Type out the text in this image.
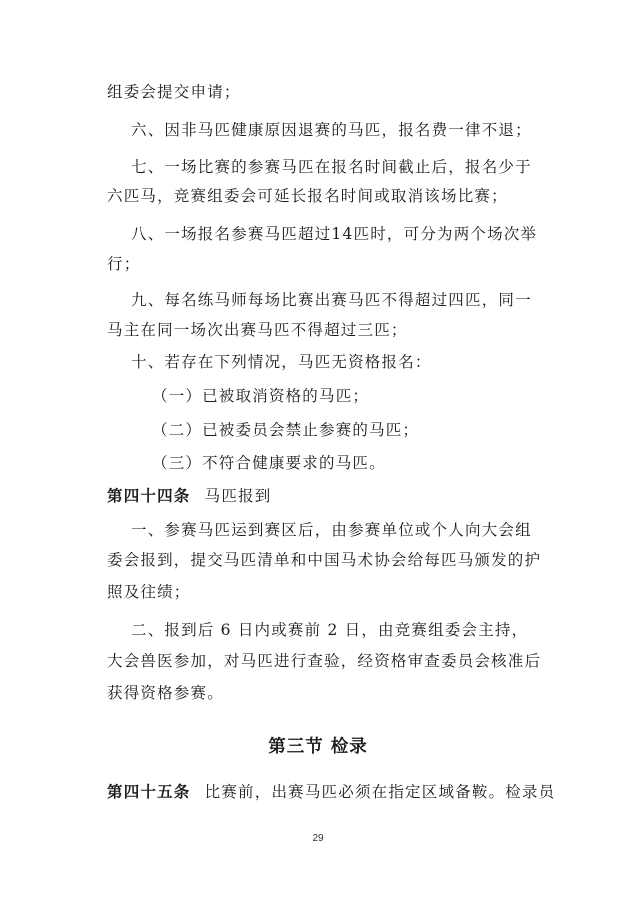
组委会提交申请；
六、因非马匹健康原因退赛的马匹，报名费一律不退；
七、一场比赛的参赛马匹在报名时间截止后，报名少于
六匹马，竞赛组委会可延长报名时间或取消该场比赛；
八、一场报名参赛马匹超过14匹时，可分为两个场次举
行；
九、每名练马师每场比赛出赛马匹不得超过四匹，同一
马主在同一场次出赛马匹不得超过三匹；
十、若存在下列情况，马匹无资格报名：
（一）已被取消资格的马匹；
（二）已被委员会禁止参赛的马匹；
（三）不符合健康要求的马匹。
第四十四条 马匹报到
一、参赛马匹运到赛区后，由参赛单位或个人向大会组
委会报到，提交马匹清单和中国马术协会给每匹马颁发的护
照及往绩；
二、报到后 6 日内或赛前 2 日，由竞赛组委会主持，
大会兽医参加，对马匹进行查验，经资格审查委员会核准后
获得资格参赛。
第三节 检录
第四十五条 比赛前，出赛马匹必须在指定区域备鞍。检录员
29
